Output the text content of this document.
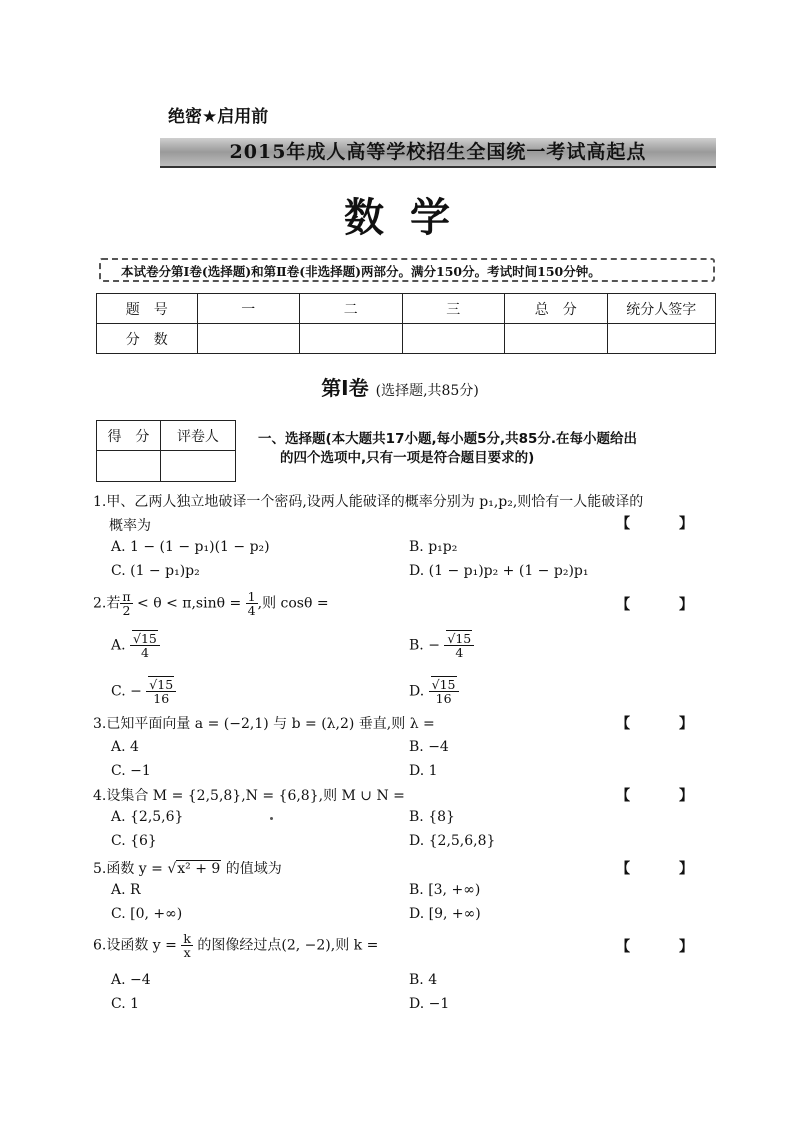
绝密★启用前
2015年成人高等学校招生全国统一考试高起点
数学
本试卷分第Ⅰ卷(选择题)和第Ⅱ卷(非选择题)两部分。满分150分。考试时间150分钟。
题　号	一	二	三	总　分	统分人签字
分　数					
第Ⅰ卷 (选择题,共85分)
得　分	评卷人
		一、选择题(本大题共17小题,每小题5分,共85分.在每小题给出
的四个选项中,只有一项是符合题目要求的)
1.甲、乙两人独立地破译一个密码,设两人能破译的概率分别为 p₁,p₂,则恰有一人能破译的
概率为	【 】
A. 1 − (1 − p₁)(1 − p₂)	B. p₁p₂
C. (1 − p₁)p₂	D. (1 − p₁)p₂ + (1 − p₂)p₁
2.若 $\frac{\pi}{2} < \theta < \pi,\sin\theta = \frac{1}{4}$ ,则 cosθ =	【 】
A. $\frac{√15}{4}$	B. − $\frac{√15}{4}$
C. − $\frac{√15}{16}$	D. $\frac{√15}{16}$
3.已知平面向量 a = (−2,1) 与 b = (λ,2) 垂直,则 λ =	【 】
A. 4	B. −4
C. −1	D. 1
4.设集合 M = {2,5,8},N = {6,8},则 M ∪ N =	【 】
A. {2,5,6}	B. {8}
C. {6}	D. {2,5,6,8}
5.函数 y = √x² + 9 的值域为	【 】
A. R	B. [3, +∞)
C. [0, +∞)	D. [9, +∞)
6.设函数 $y = \frac{k}{x}$ 的图像经过点(2, −2),则 k =	【 】
A. −4	B. 4
C. 1	D. −1
